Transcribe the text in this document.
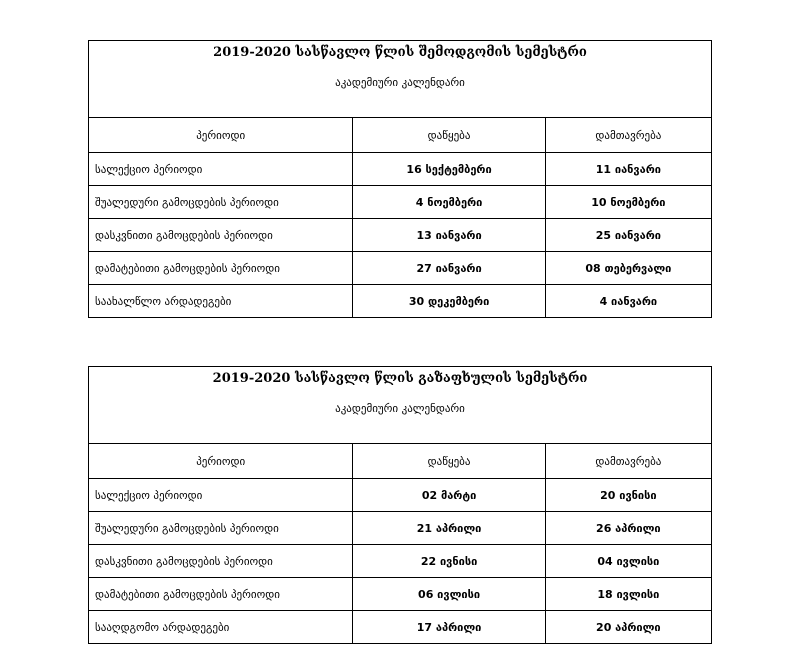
2019-2020 სასწავლო წლის შემოდგომის სემესტრი
აკადემიური კალენდარი		

პერიოდი	დაწყება	დამთავრება
სალექციო პერიოდი	16 სექტემბერი	11 იანვარი
შუალედური გამოცდების პერიოდი	4 ნოემბერი	10 ნოემბერი
დასკვნითი გამოცდების პერიოდი	13 იანვარი	25 იანვარი
დამატებითი გამოცდების პერიოდი	27 იანვარი	08 თებერვალი
საახალწლო არდადეგები	30 დეკემბერი	4 იანვარი
2019-2020 სასწავლო წლის გაზაფხულის სემესტრი
აკადემიური კალენდარი		

პერიოდი	დაწყება	დამთავრება
სალექციო პერიოდი	02 მარტი	20 ივნისი
შუალედური გამოცდების პერიოდი	21 აპრილი	26 აპრილი
დასკვნითი გამოცდების პერიოდი	22 ივნისი	04 ივლისი
დამატებითი გამოცდების პერიოდი	06 ივლისი	18 ივლისი
სააღდგომო არდადეგები	17 აპრილი	20 აპრილი
